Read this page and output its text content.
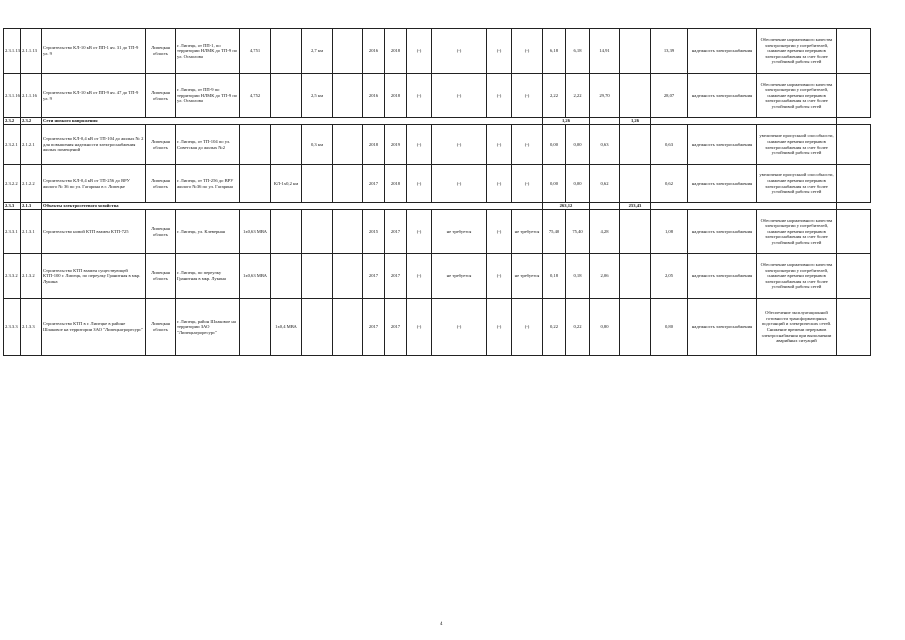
2.3.1.13	2.1.1.13	Строительство КЛ-10 кВ от ПП-1 яч. 31 до ТП-9 ул. 9	Липецкая область	г. Липецк, от ПП-1, по территории НЛМК до ТП-9 по ул. Осмолова	4,751		2,7 км		2016	2018	(-)	(-)	(-)	(-)	6,18	6,18	14,91		13,39	надежность электроснабжения	Обеспечение нормативного качества электроэнергии у потребителей, снижение времени перерывов электроснабжения за счет более устойчивой работы сетей	
2.3.1.16	2.1.1.16	Строительство КЛ-10 кВ от ПП-9 яч. 47 до ТП-9 ул. 9	Липецкая область	г. Липецк, от ПП-9 по территории НЛМК до ТП-9 по ул. Осмолова	4,752		2,5 км		2016	2018	(-)	(-)	(-)	(-)	2,22	2,22	29,70		28,07	надежность электроснабжения	Обеспечение нормативного качества электроэнергии у потребителей, снижение времени перерывов электроснабжения за счет более устойчивой работы сетей	
2.3.2	2.3.2	Сети низкого напряжения													1,26			1,26				
2.3.2.1	2.1.2.1	Строительство КЛ-0,4 кВ от ТП-104 до жилых № 2 для повышения надежности электроснабжения жилых помещений	Липецкая область	г. Липецк, от ТП-104 по ул. Советская до жилых №2			0,3 км		2018	2019	(-)	(-)	(-)	(-)	0,00	0,00	0,63		0,63	надежность электроснабжения	увеличение пропускной способности, снижение времени перерывов электроснабжения за счет более устойчивой работы сетей	
2.3.2.2	2.1.2.2	Строительство КЛ-0,4 кВ от ТП-256 до ВРУ жилого № 36 по ул. Гагарина в г. Липецке	Липецкая область	г. Липецк, от ТП-256 до ВРУ жилого №36 по ул. Гагарина		КЛ-1х0,2 км			2017	2018	(-)	(-)	(-)	(-)	0,00	0,00	0,62		0,62	надежность электроснабжения	увеличение пропускной способности, снижение времени перерывов электроснабжения за счет более устойчивой работы сетей	
2.3.3	2.1.3	Объекты электросетевого хозяйства													263,12			253,43				
2.3.3.1	2.1.3.1	Строительство новой КТП взамен КТП-725	Липецкая область	г. Липецк, ул. Клеверная	1х0,63 МВА				2015	2017	(-)	не требуется	(-)	не требуется	75,40	75,40	4,28		1,08	надежность электроснабжения	Обеспечение нормативного качества электроэнергии у потребителей, снижение времени перерывов электроснабжения за счет более устойчивой работы сетей	
2.3.3.2	2.1.3.2	Строительство КТП взамен существующей КТП-100 г. Липецк, по переулку Гранитная в мкр. Лукина	Липецкая область	г. Липецк, по переулку Гранитная в мкр. Лукина	1х0,63 МВА				2017	2017	(-)	не требуется	(-)	не требуется	0,18	0,18	2,06		2,05	надежность электроснабжения	Обеспечение нормативного качества электроэнергии у потребителей, снижение времени перерывов электроснабжения за счет более устойчивой работы сетей	
2.3.3.3	2.1.3.3	Строительство КТП в г. Липецке в районе Шлаковое на территории ЗАО "Липецкагроресурс"	Липецкая область	г. Липецк, район Шлаковое на территории ЗАО "Липецкагроресурс"		1х0,4 МВА			2017	2017	(-)	(-)	(-)	(-)	0,22	0,22	0,80		0,80	надежность электроснабжения	Обеспечение эксплуатационной готовности трансформаторных подстанций и электрических сетей. Снижение времени перерывов электроснабжения при выполнении аварийных ситуаций	
4
